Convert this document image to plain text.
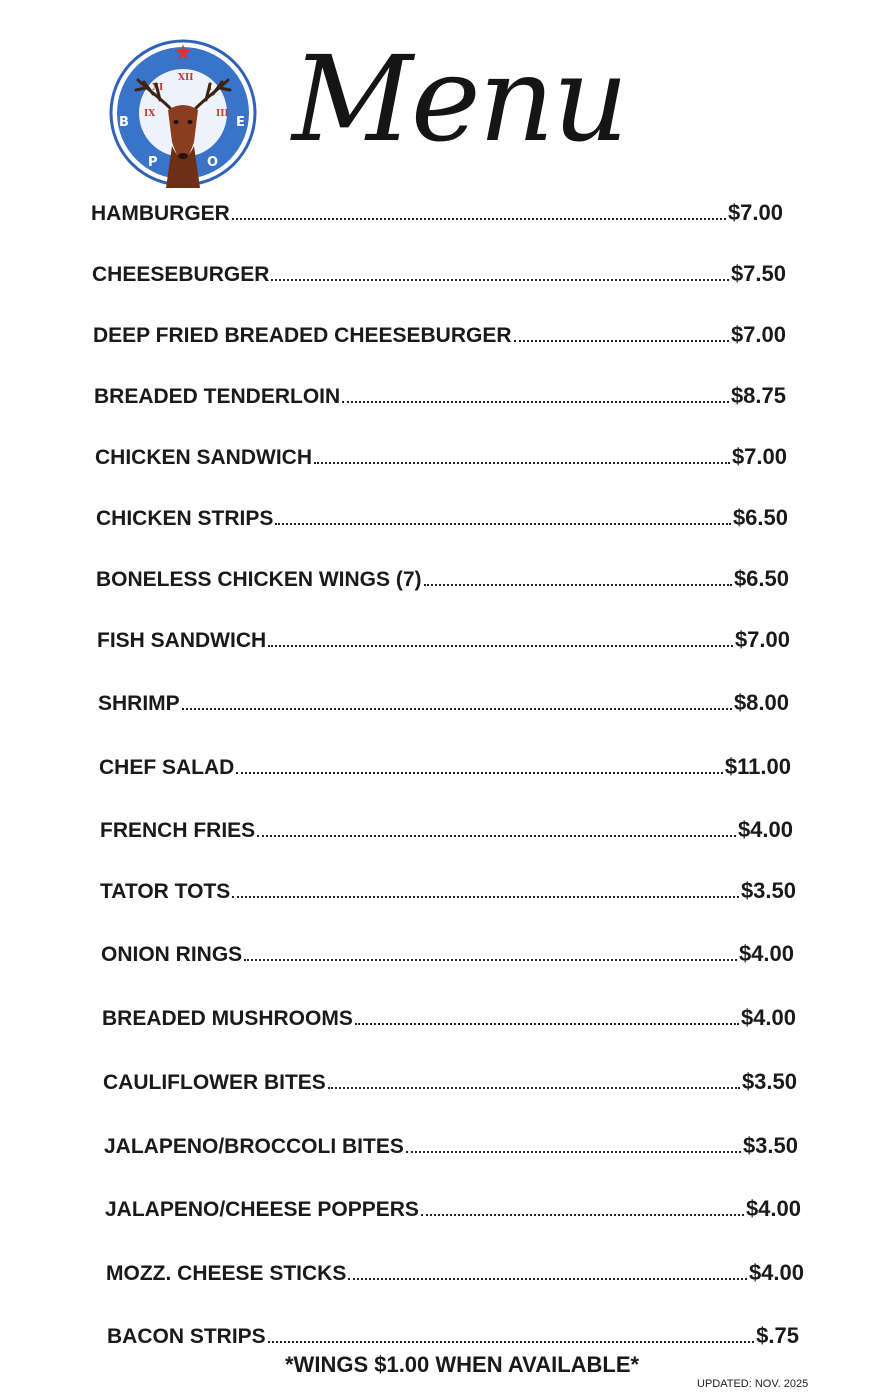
XII
I
XI
III
IX
B
P	O
E Menu
HAMBURGER	$7.00
CHEESEBURGER	$7.50
DEEP FRIED BREADED CHEESEBURGER	$7.00
BREADED TENDERLOIN	$8.75
CHICKEN SANDWICH	$7.00
CHICKEN STRIPS	$6.50
BONELESS CHICKEN WINGS (7)	$6.50
FISH SANDWICH	$7.00
SHRIMP	$8.00
CHEF SALAD	$11.00
FRENCH FRIES	$4.00
TATOR TOTS	$3.50
ONION RINGS	$4.00
BREADED MUSHROOMS	$4.00
CAULIFLOWER BITES	$3.50
JALAPENO/BROCCOLI BITES	$3.50
JALAPENO/CHEESE POPPERS	$4.00
MOZZ. CHEESE STICKS	$4.00
BACON STRIPS	$.75
*WINGS $1.00 WHEN AVAILABLE*
UPDATED: NOV. 2025
